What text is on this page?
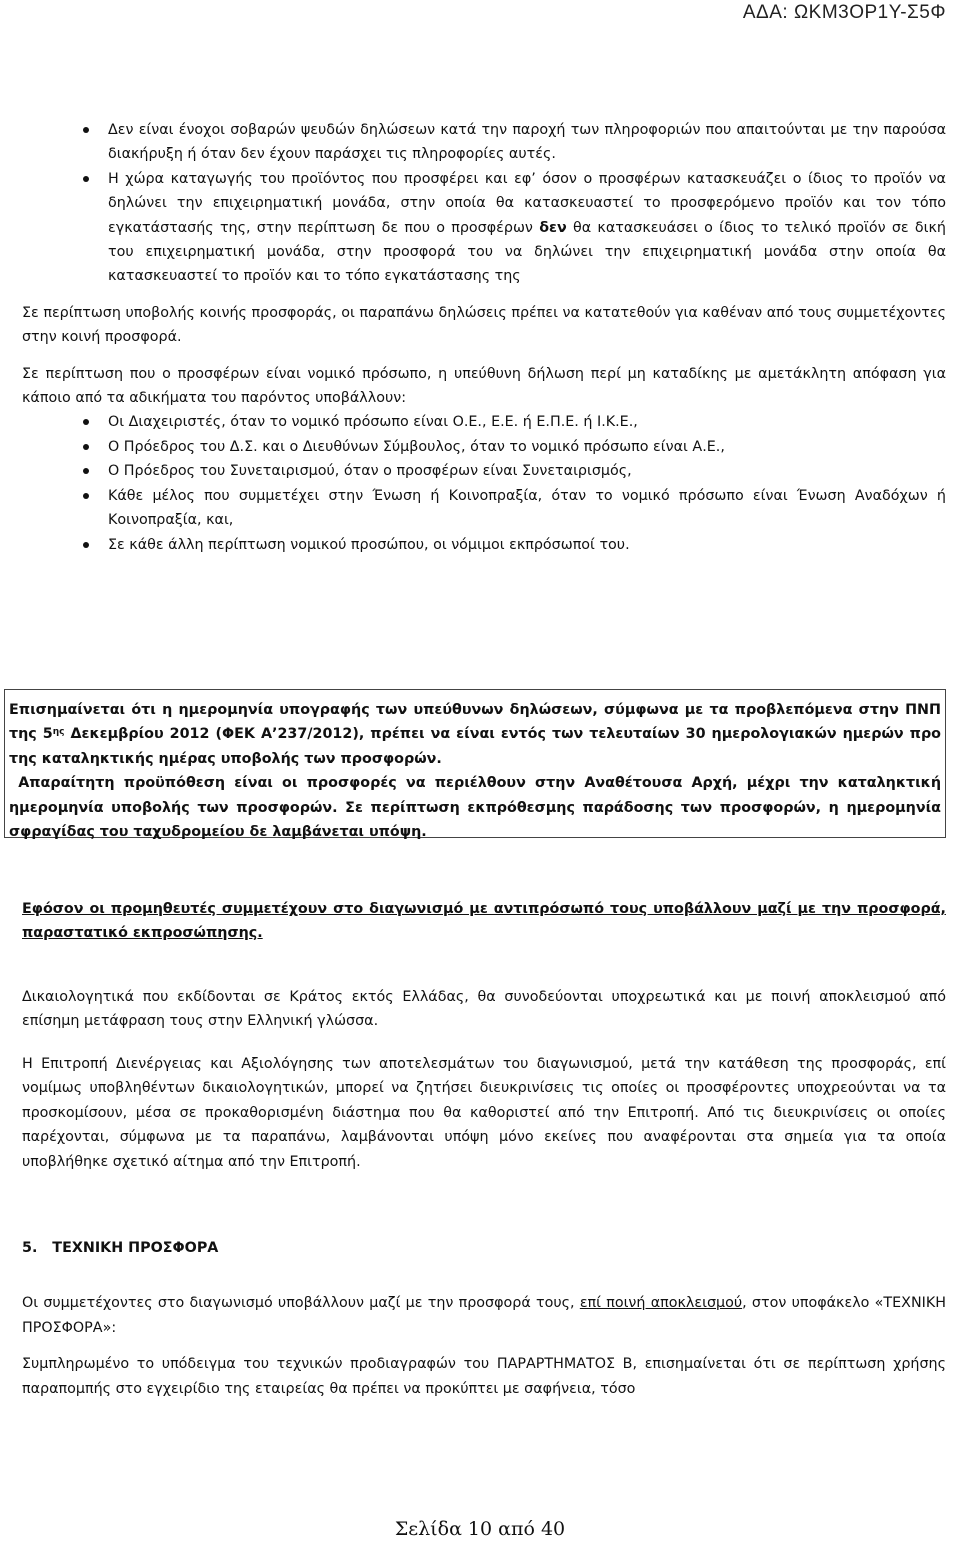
ΑΔΑ: ΩΚΜ3ΟΡ1Υ-Σ5Φ
Δεν είναι ένοχοι σοβαρών ψευδών δηλώσεων κατά την παροχή των πληροφοριών που απαιτούνται με την παρούσα διακήρυξη ή όταν δεν έχουν παράσχει τις πληροφορίες αυτές.
Η χώρα καταγωγής του προϊόντος που προσφέρει και εφ’ όσον ο προσφέρων κατασκευάζει ο ίδιος το προϊόν να δηλώνει την επιχειρηματική μονάδα, στην οποία θα κατασκευαστεί το προσφερόμενο προϊόν και τον τόπο εγκατάστασής της, στην περίπτωση δε που ο προσφέρων δεν θα κατασκευάσει ο ίδιος το τελικό προϊόν σε δική του επιχειρηματική μονάδα, στην προσφορά του να δηλώνει την επιχειρηματική μονάδα στην οποία θα κατασκευαστεί το προϊόν και το τόπο εγκατάστασης της

Σε περίπτωση υποβολής κοινής προσφοράς, οι παραπάνω δηλώσεις πρέπει να κατατεθούν για καθέναν από τους συμμετέχοντες στην κοινή προσφορά.

Σε περίπτωση που ο προσφέρων είναι νομικό πρόσωπο, η υπεύθυνη δήλωση περί μη καταδίκης με αμετάκλητη απόφαση για κάποιο από τα αδικήματα του παρόντος υποβάλλουν:

Οι Διαχειριστές, όταν το νομικό πρόσωπο είναι Ο.Ε., Ε.Ε. ή Ε.Π.Ε. ή Ι.Κ.Ε.,
Ο Πρόεδρος του Δ.Σ. και ο Διευθύνων Σύμβουλος, όταν το νομικό πρόσωπο είναι Α.Ε.,
Ο Πρόεδρος του Συνεταιρισμού, όταν ο προσφέρων είναι Συνεταιρισμός,
Κάθε μέλος που συμμετέχει στην Ένωση ή Κοινοπραξία, όταν το νομικό πρόσωπο είναι Ένωση Αναδόχων ή Κοινοπραξία, και,
Σε κάθε άλλη περίπτωση νομικού προσώπου, οι νόμιμοι εκπρόσωποί του.

Επισημαίνεται ότι η ημερομηνία υπογραφής των υπεύθυνων δηλώσεων, σύμφωνα με τα προβλεπόμενα στην ΠΝΠ της $5^{\eta\varsigma}$ Δεκεμβρίου 2012 (ΦΕΚ Α’237/2012), πρέπει να είναι εντός των τελευταίων 30 ημερολογιακών ημερών προ της καταληκτικής ημέρας υποβολής των προσφορών.

Απαραίτητη προϋπόθεση είναι οι προσφορές να περιέλθουν στην Αναθέτουσα Αρχή, μέχρι την καταληκτική ημερομηνία υποβολής των προσφορών. Σε περίπτωση εκπρόθεσμης παράδοσης των προσφορών, η ημερομηνία σφραγίδας του ταχυδρομείου δε λαμβάνεται υπόψη.

Εφόσον οι προμηθευτές συμμετέχουν στο διαγωνισμό με αντιπρόσωπό τους υποβάλλουν μαζί με την προσφορά, παραστατικό εκπροσώπησης.

Δικαιολογητικά που εκδίδονται σε Κράτος εκτός Ελλάδας, θα συνοδεύονται υποχρεωτικά και με ποινή αποκλεισμού από επίσημη μετάφραση τους στην Ελληνική γλώσσα.

Η Επιτροπή Διενέργειας και Αξιολόγησης των αποτελεσμάτων του διαγωνισμού, μετά την κατάθεση της προσφοράς, επί νομίμως υποβληθέντων δικαιολογητικών, μπορεί να ζητήσει διευκρινίσεις τις οποίες οι προσφέροντες υποχρεούνται να τα προσκομίσουν, μέσα σε προκαθορισμένη διάστημα που θα καθοριστεί από την Επιτροπή. Από τις διευκρινίσεις οι οποίες παρέχονται, σύμφωνα με τα παραπάνω, λαμβάνονται υπόψη μόνο εκείνες που αναφέρονται στα σημεία για τα οποία υποβλήθηκε σχετικό αίτημα από την Επιτροπή.

5.   ΤΕΧΝΙΚΗ ΠΡΟΣΦΟΡΑ

Οι συμμετέχοντες στο διαγωνισμό υποβάλλουν μαζί με την προσφορά τους, επί ποινή αποκλεισμού, στον υποφάκελο «ΤΕΧΝΙΚΗ ΠΡΟΣΦΟΡΑ»:

Συμπληρωμένο το υπόδειγμα του τεχνικών προδιαγραφών του ΠΑΡΑΡΤΗΜΑΤΟΣ Β, επισημαίνεται ότι σε περίπτωση χρήσης παραπομπής στο εγχειρίδιο της εταιρείας θα πρέπει να προκύπτει με σαφήνεια, τόσο

Σελίδα 10 από 40
